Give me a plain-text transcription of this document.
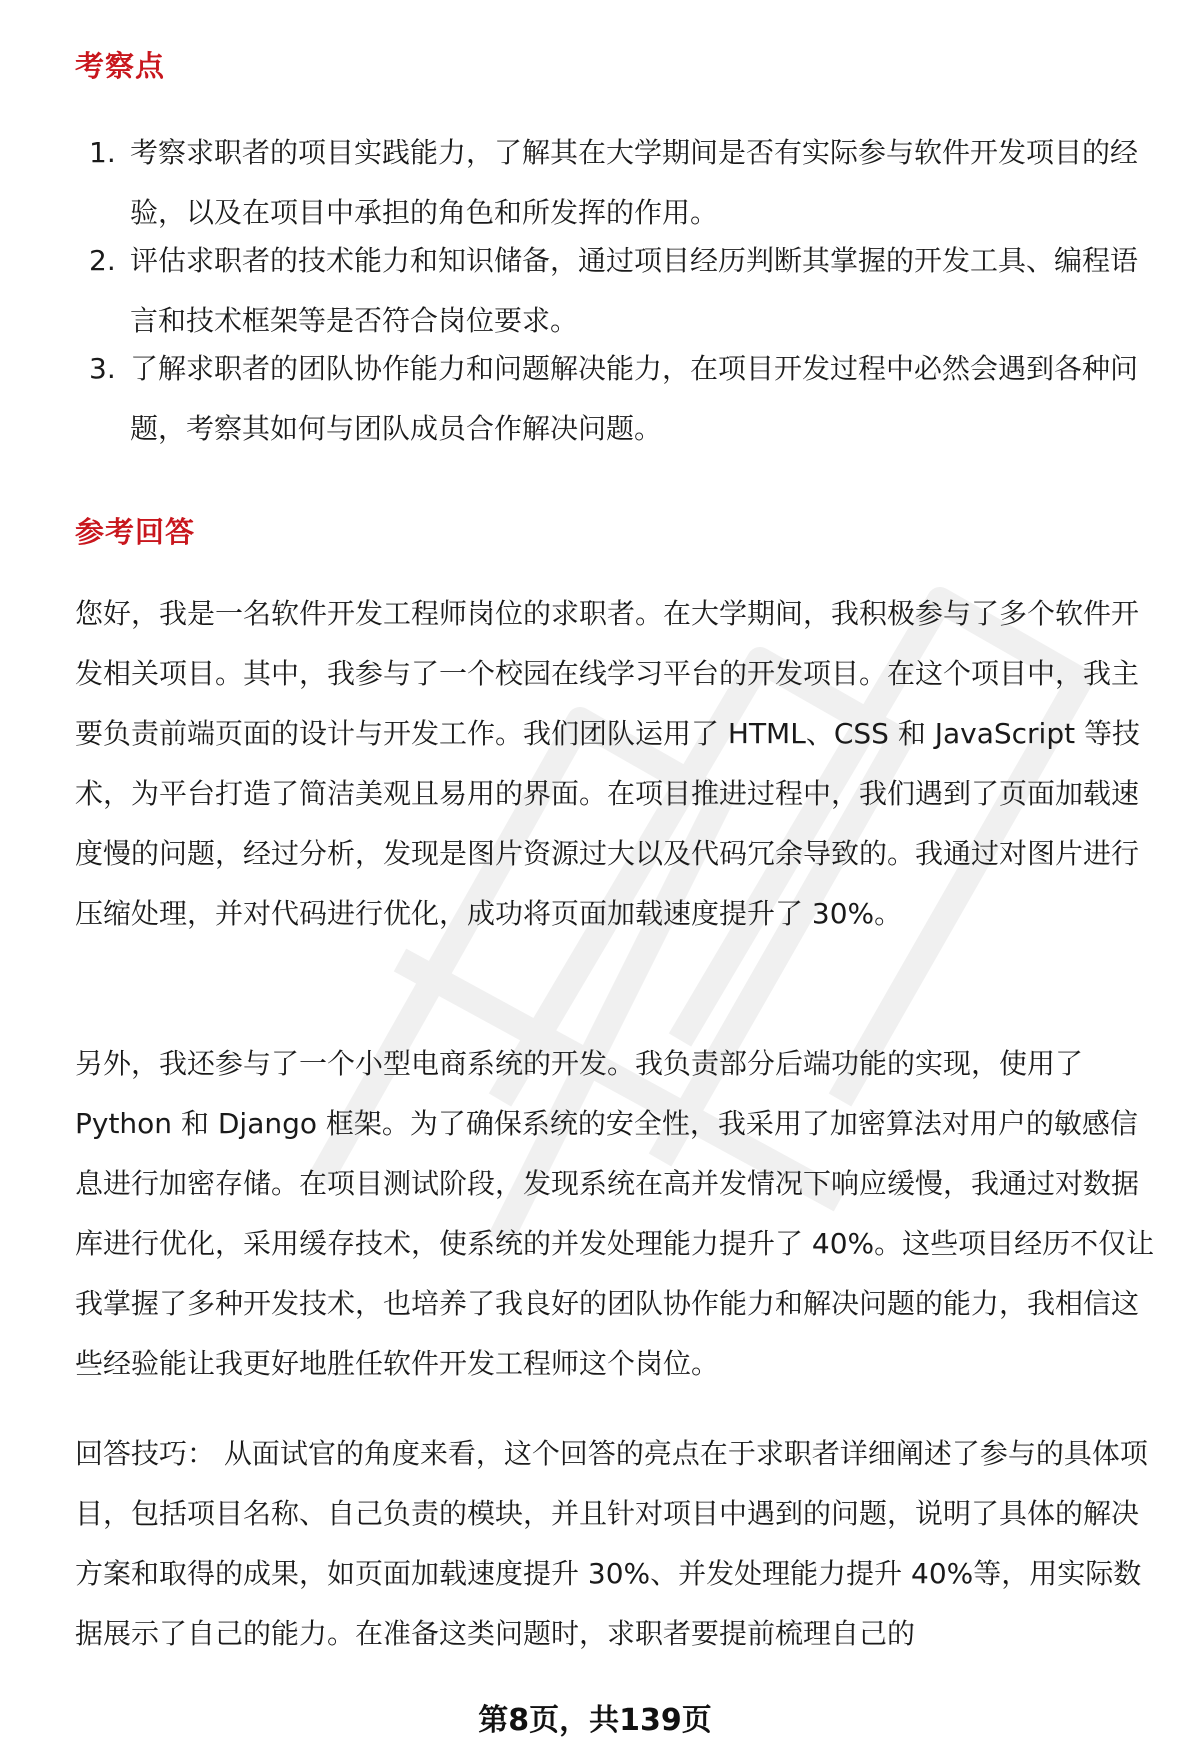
考察点
1. 考察求职者的项目实践能力，了解其在大学期间是否有实际参与软件开发项目的经验，以及在项目中承担的角色和所发挥的作用。
2. 评估求职者的技术能力和知识储备，通过项目经历判断其掌握的开发工具、编程语言和技术框架等是否符合岗位要求。
3. 了解求职者的团队协作能力和问题解决能力，在项目开发过程中必然会遇到各种问题，考察其如何与团队成员合作解决问题。
参考回答

您好，我是一名软件开发工程师岗位的求职者。在大学期间，我积极参与了多个软件开发相关项目。其中，我参与了一个校园在线学习平台的开发项目。在这个项目中，我主要负责前端页面的设计与开发工作。我们团队运用了 HTML、CSS 和 JavaScript 等技术，为平台打造了简洁美观且易用的界面。在项目推进过程中，我们遇到了页面加载速度慢的问题，经过分析，发现是图片资源过大以及代码冗余导致的。我通过对图片进行压缩处理，并对代码进行优化，成功将页面加载速度提升了 30%。

另外，我还参与了一个小型电商系统的开发。我负责部分后端功能的实现，使用了 Python 和 Django 框架。为了确保系统的安全性，我采用了加密算法对用户的敏感信息进行加密存储。在项目测试阶段，发现系统在高并发情况下响应缓慢，我通过对数据库进行优化，采用缓存技术，使系统的并发处理能力提升了 40%。这些项目经历不仅让我掌握了多种开发技术，也培养了我良好的团队协作能力和解决问题的能力，我相信这些经验能让我更好地胜任软件开发工程师这个岗位。

回答技巧： 从面试官的角度来看，这个回答的亮点在于求职者详细阐述了参与的具体项目，包括项目名称、自己负责的模块，并且针对项目中遇到的问题，说明了具体的解决方案和取得的成果，如页面加载速度提升 30%、并发处理能力提升 40%等，用实际数据展示了自己的能力。在准备这类问题时，求职者要提前梳理自己的

第8页，共139页
